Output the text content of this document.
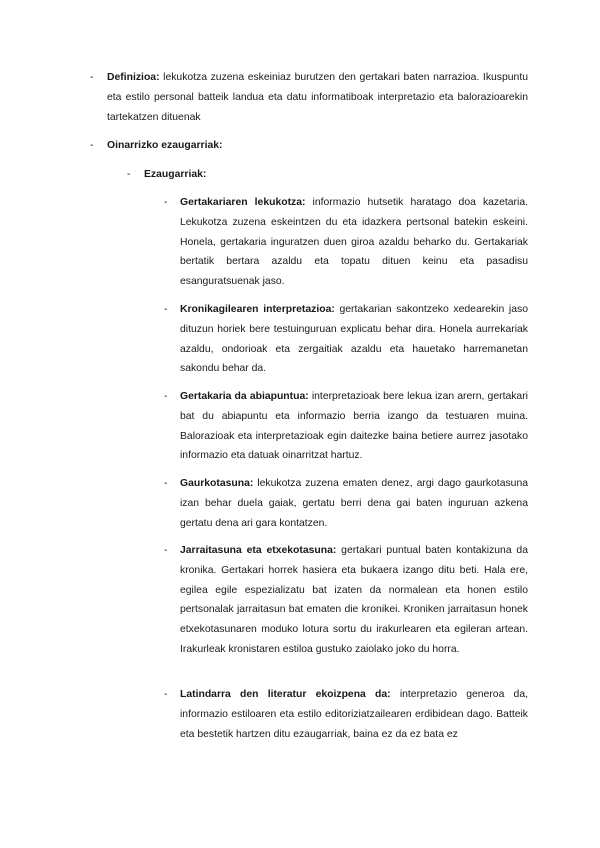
- Definizioa: lekukotza zuzena eskeiniaz burutzen den gertakari baten narrazioa. Ikuspuntu eta estilo personal batteik landua eta datu informatiboak interpretazio eta balorazioarekin tartekatzen dituenak
- Oinarrizko ezaugarriak:
- Ezaugarriak:
- Gertakariaren lekukotza: informazio hutsetik haratago doa kazetaria. Lekukotza zuzena eskeintzen du eta idazkera pertsonal batekin eskeini. Honela, gertakaria inguratzen duen giroa azaldu beharko du. Gertakariak bertatik bertara azaldu eta topatu dituen keinu eta pasadisu esanguratsuenak jaso.
- Kronikagilearen interpretazioa: gertakarian sakontzeko xedearekin jaso dituzun horiek bere testuinguruan explicatu behar dira. Honela aurrekariak azaldu, ondorioak eta zergaitiak azaldu eta hauetako harremanetan sakondu behar da.
- Gertakaria da abiapuntua: interpretazioak bere lekua izan arern, gertakari bat du abiapuntu eta informazio berria izango da testuaren muina. Balorazioak eta interpretazioak egin daitezke baina betiere aurrez jasotako informazio eta datuak oinarritzat hartuz.
- Gaurkotasuna: lekukotza zuzena ematen denez, argi dago gaurkotasuna izan behar duela gaiak, gertatu berri dena gai baten inguruan azkena gertatu dena ari gara kontatzen.
- Jarraitasuna eta etxekotasuna: gertakari puntual baten kontakizuna da kronika. Gertakari horrek hasiera eta bukaera izango ditu beti. Hala ere, egilea egile espezializatu bat izaten da normalean eta honen estilo pertsonalak jarraitasun bat ematen die kronikei. Kroniken jarraitasun honek etxekotasunaren moduko lotura sortu du irakurlearen eta egileran artean. Irakurleak kronistaren estiloa gustuko zaiolako joko du horra.
- Latindarra den literatur ekoizpena da: interpretazio generoa da, informazio estiloaren eta estilo editoriziatzailearen erdibidean dago. Batteik eta bestetik hartzen ditu ezaugarriak, baina ez da ez bata ez
